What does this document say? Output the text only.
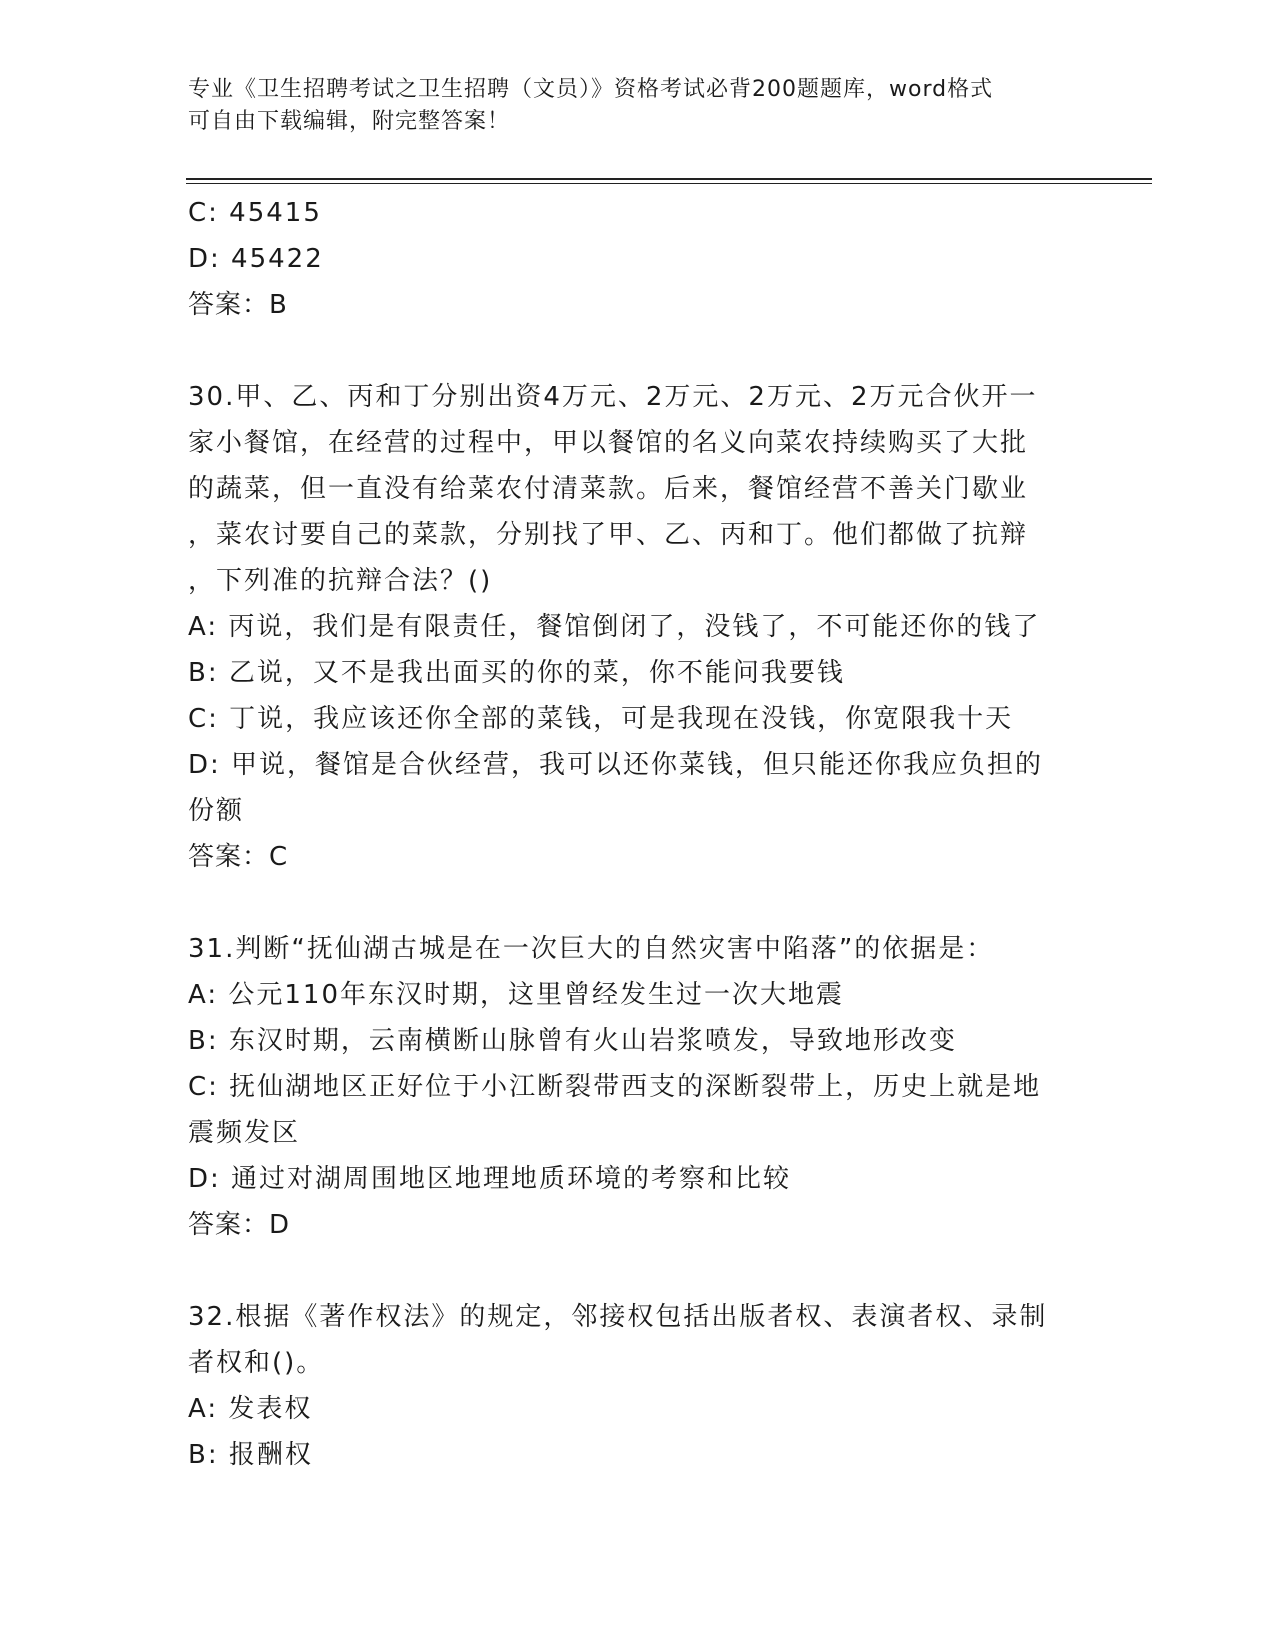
专业《卫生招聘考试之卫生招聘（文员）》资格考试必背200题题库，word格式
可自由下载编辑，附完整答案！
C: 45415
D: 45422
答案：B
30.甲、乙、丙和丁分别出资4万元、2万元、2万元、2万元合伙开一
家小餐馆，在经营的过程中，甲以餐馆的名义向菜农持续购买了大批
的蔬菜，但一直没有给菜农付清菜款。后来，餐馆经营不善关门歇业
，菜农讨要自己的菜款，分别找了甲、乙、丙和丁。他们都做了抗辩
，下列准的抗辩合法？()
A: 丙说，我们是有限责任，餐馆倒闭了，没钱了，不可能还你的钱了
B: 乙说，又不是我出面买的你的菜，你不能问我要钱
C: 丁说，我应该还你全部的菜钱，可是我现在没钱，你宽限我十天
D: 甲说，餐馆是合伙经营，我可以还你菜钱，但只能还你我应负担的
份额
答案：C
31.判断“抚仙湖古城是在一次巨大的自然灾害中陷落”的依据是：
A: 公元110年东汉时期，这里曾经发生过一次大地震
B: 东汉时期，云南横断山脉曾有火山岩浆喷发，导致地形改变
C: 抚仙湖地区正好位于小江断裂带西支的深断裂带上，历史上就是地
震频发区
D: 通过对湖周围地区地理地质环境的考察和比较
答案：D
32.根据《著作权法》的规定，邻接权包括出版者权、表演者权、录制
者权和()。
A: 发表权
B: 报酬权
